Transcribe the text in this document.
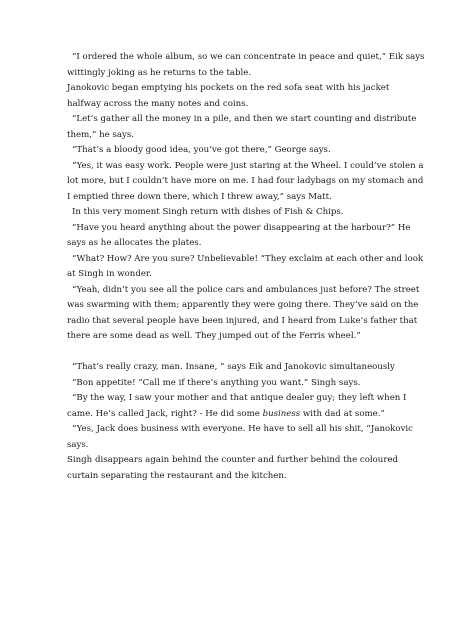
“I ordered the whole album, so we can concentrate in peace and quiet,” Eik says
wittingly joking as he returns to the table.
Janokovic began emptying his pockets on the red sofa seat with his jacket
halfway across the many notes and coins.
“Let’s gather all the money in a pile, and then we start counting and distribute
them,” he says.
“That’s a bloody good idea, you’ve got there,” George says.
“Yes, it was easy work. People were just staring at the Wheel. I could’ve stolen a
lot more, but I couldn’t have more on me. I had four ladybags on my stomach and
I emptied three down there, which I threw away,” says Matt.
In this very moment Singh return with dishes of Fish & Chips.
“Have you heard anything about the power disappearing at the harbour?” He
says as he allocates the plates.
“What? How? Are you sure? Unbelievable! “They exclaim at each other and look
at Singh in wonder.
“Yeah, didn’t you see all the police cars and ambulances just before? The street
was swarming with them; apparently they were going there. They’ve said on the
radio that several people have been injured, and I heard from Luke’s father that
there are some dead as well. They jumped out of the Ferris wheel.”
“That’s really crazy, man. Insane, ” says Eik and Janokovic simultaneously
“Bon appetite! “Call me if there’s anything you want.” Singh says.
“By the way, I saw your mother and that antique dealer guy; they left when I
came. He’s called Jack, right? - He did some business with dad at some.”
“Yes, Jack does business with everyone. He have to sell all his shit, “Janokovic
says.
Singh disappears again behind the counter and further behind the coloured
curtain separating the restaurant and the kitchen.
